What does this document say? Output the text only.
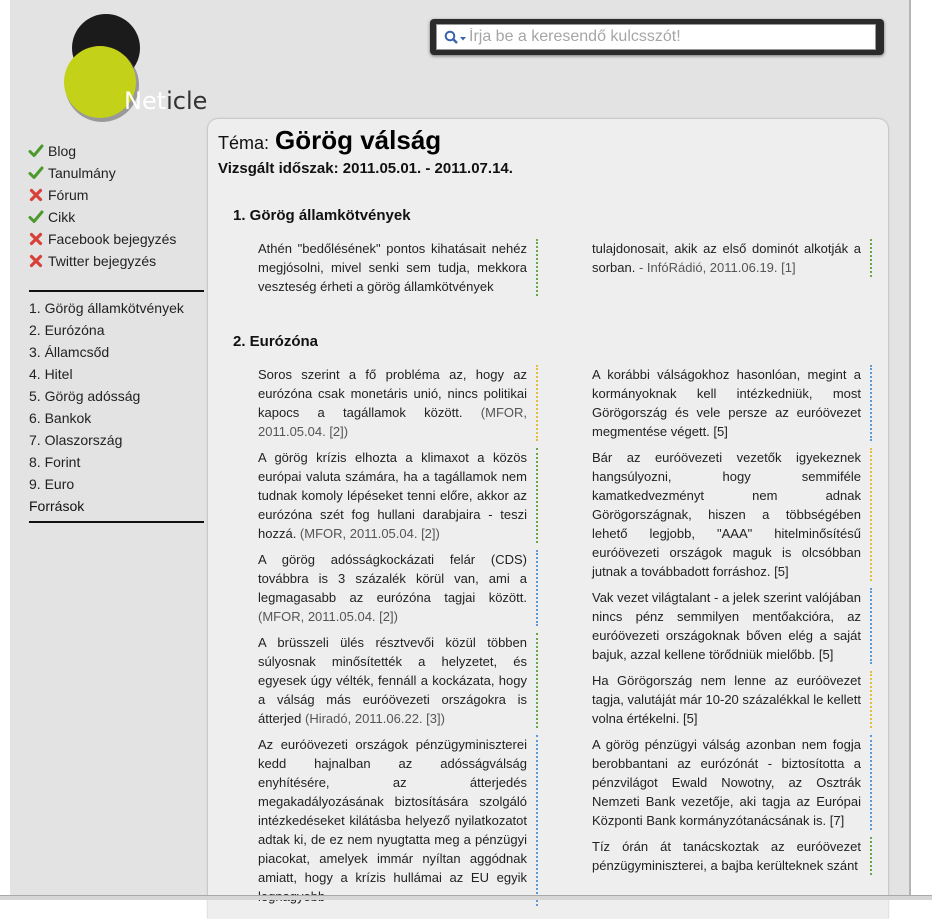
Neticle
Írja be a keresendő kulcsszót!
Blog
Tanulmány
Fórum
Cikk
Facebook bejegyzés
Twitter bejegyzés
1. Görög államkötvények
2. Eurózóna
3. Államcsőd
4. Hitel
5. Görög adósság
6. Bankok
7. Olaszország
8. Forint
9. Euro
Források
Téma: Görög válság
Vizsgált időszak: 2011.05.01. - 2011.07.14.
1. Görög államkötvények
Athén "bedőlésének" pontos kihatásait nehéz megjósolni, mivel senki sem tudja, mekkora veszteség érheti a görög államkötvények
tulajdonosait, akik az első dominót alkotják a sorban. - InfóRádió, 2011.06.19. [1]
2. Eurózóna
Soros szerint a fő probléma az, hogy az eurózóna csak monetáris unió, nincs politikai kapocs a tagállamok között. (MFOR, 2011.05.04. [2])
A görög krízis elhozta a klimaxot a közös európai valuta számára, ha a tagállamok nem tudnak komoly lépéseket tenni előre, akkor az eurózóna szét fog hullani darabjaira - teszi hozzá. (MFOR, 2011.05.04. [2])
A görög adósságkockázati felár (CDS) továbbra is 3 százalék körül van, ami a legmagasabb az eurózóna tagjai között. (MFOR, 2011.05.04. [2])
A brüsszeli ülés résztvevői közül többen súlyosnak minősítették a helyzetet, és egyesek úgy vélték, fennáll a kockázata, hogy a válság más euróövezeti országokra is átterjed (Hiradó, 2011.06.22. [3])
Az euróövezeti országok pénzügyminiszterei kedd hajnalban az adósságválság enyhítésére, az átterjedés megakadályozásának biztosítására szolgáló intézkedéseket kilátásba helyező nyilatkozatot adtak ki, de ez nem nyugtatta meg a pénzügyi piacokat, amelyek immár nyíltan aggódnak amiatt, hogy a krízis hullámai az EU egyik
A korábbi válságokhoz hasonlóan, megint a kormányoknak kell intézkedniük, most Görögország és vele persze az euróövezet megmentése végett. [5]
Bár az euróövezeti vezetők igyekeznek hangsúlyozni, hogy semmiféle kamatkedvezményt nem adnak Görögországnak, hiszen a többségében lehető legjobb, "AAA" hitelminősítésű euróövezeti országok maguk is olcsóbban jutnak a továbbadott forráshoz. [5]
Vak vezet világtalant - a jelek szerint valójában nincs pénz semmilyen mentőakcióra, az euróövezeti országoknak bőven elég a saját bajuk, azzal kellene törődniük mielőbb. [5]
Ha Görögország nem lenne az euróövezet tagja, valutáját már 10-20 százalékkal le kellett volna értékelni. [5]
A görög pénzügyi válság azonban nem fogja berobbantani az eurózónát - biztosította a pénzvilágot Ewald Nowotny, az Osztrák Nemzeti Bank vezetője, aki tagja az Európai Központi Bank kormányzótanácsának is. [7]
Tíz órán át tanácskoztak az euróövezet pénzügyminiszterei, a bajba kerülteknek szánt
